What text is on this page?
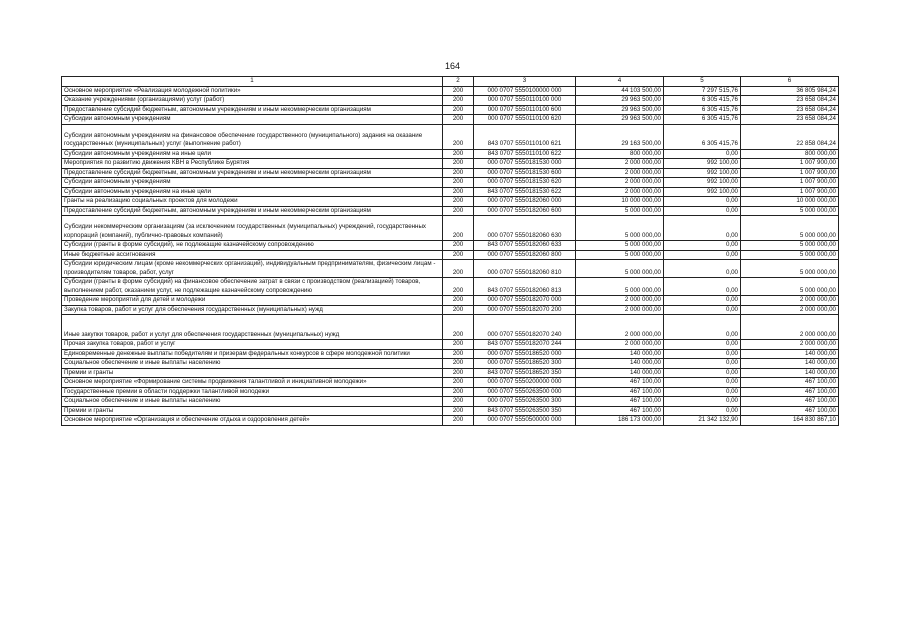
164
1	2	3	4	5	6
Основное мероприятие «Реализация молодежной политики»	200	000 0707 5550100000 000	44 103 500,00	7 297 515,76	36 805 984,24
Оказание учреждениями (организациями) услуг (работ)	200	000 0707 5550110100 000	29 963 500,00	6 305 415,76	23 658 084,24
Предоставление субсидий бюджетным, автономным учреждениям и иным некоммерческим организациям	200	000 0707 5550110100 600	29 963 500,00	6 305 415,76	23 658 084,24
Субсидии автономным учреждениям	200	000 0707 5550110100 620	29 963 500,00	6 305 415,76	23 658 084,24
Субсидии автономным учреждениям на финансовое обеспечение государственного (муниципального) задания на оказание государственных (муниципальных) услуг (выполнение работ)	200	843 0707 5550110100 621	29 163 500,00	6 305 415,76	22 858 084,24
Субсидии автономным учреждениям на иные цели	200	843 0707 5550110100 622	800 000,00	0,00	800 000,00
Мероприятия по развитию движения КВН в Республике Бурятия	200	000 0707 5550181530 000	2 000 000,00	992 100,00	1 007 900,00
Предоставление субсидий бюджетным, автономным учреждениям и иным некоммерческим организациям	200	000 0707 5550181530 600	2 000 000,00	992 100,00	1 007 900,00
Субсидии автономным учреждениям	200	000 0707 5550181530 620	2 000 000,00	992 100,00	1 007 900,00
Субсидии автономным учреждениям на иные цели	200	843 0707 5550181530 622	2 000 000,00	992 100,00	1 007 900,00
Гранты на реализацию социальных проектов для молодежи	200	000 0707 5550182060 000	10 000 000,00	0,00	10 000 000,00
Предоставление субсидий бюджетным, автономным учреждениям и иным некоммерческим организациям	200	000 0707 5550182060 600	5 000 000,00	0,00	5 000 000,00
Субсидии некоммерческим организациям (за исключением государственных (муниципальных) учреждений, государственных корпораций (компаний), публично-правовых компаний)	200	000 0707 5550182060 630	5 000 000,00	0,00	5 000 000,00
Субсидии (гранты в форме субсидий), не подлежащие казначейскому сопровождению	200	843 0707 5550182060 633	5 000 000,00	0,00	5 000 000,00
Иные бюджетные ассигнования	200	000 0707 5550182060 800	5 000 000,00	0,00	5 000 000,00
Субсидии юридическим лицам (кроме некоммерческих организаций), индивидуальным предпринимателям, физическим лицам - производителям товаров, работ, услуг	200	000 0707 5550182060 810	5 000 000,00	0,00	5 000 000,00
Субсидии (гранты в форме субсидий) на финансовое обеспечение затрат в связи с производством (реализацией) товаров, выполнением работ, оказанием услуг, не подлежащие казначейскому сопровождению	200	843 0707 5550182060 813	5 000 000,00	0,00	5 000 000,00
Проведение мероприятий для детей и молодежи	200	000 0707 5550182070 000	2 000 000,00	0,00	2 000 000,00
Закупка товаров, работ и услуг для обеспечения государственных (муниципальных) нужд	200	000 0707 5550182070 200	2 000 000,00	0,00	2 000 000,00
Иные закупки товаров, работ и услуг для обеспечения государственных (муниципальных) нужд	200	000 0707 5550182070 240	2 000 000,00	0,00	2 000 000,00
Прочая закупка товаров, работ и услуг	200	843 0707 5550182070 244	2 000 000,00	0,00	2 000 000,00
Единовременные денежные выплаты победителям и призерам федеральных конкурсов в сфере молодежной политики	200	000 0707 5550186520 000	140 000,00	0,00	140 000,00
Социальное обеспечение и иные выплаты населению	200	000 0707 5550186520 300	140 000,00	0,00	140 000,00
Премии и гранты	200	843 0707 5550186520 350	140 000,00	0,00	140 000,00
Основное мероприятие «Формирование системы продвижения талантливой и инициативной молодежи»	200	000 0707 5550200000 000	467 100,00	0,00	467 100,00
Государственные премии в области поддержки талантливой молодежи	200	000 0707 5550263500 000	467 100,00	0,00	467 100,00
Социальное обеспечение и иные выплаты населению	200	000 0707 5550263500 300	467 100,00	0,00	467 100,00
Премии и гранты	200	843 0707 5550263500 350	467 100,00	0,00	467 100,00
Основное мероприятие «Организация и обеспечение отдыха и оздоровления детей»	200	000 0707 5550500000 000	186 173 000,00	21 342 132,90	164 830 867,10
